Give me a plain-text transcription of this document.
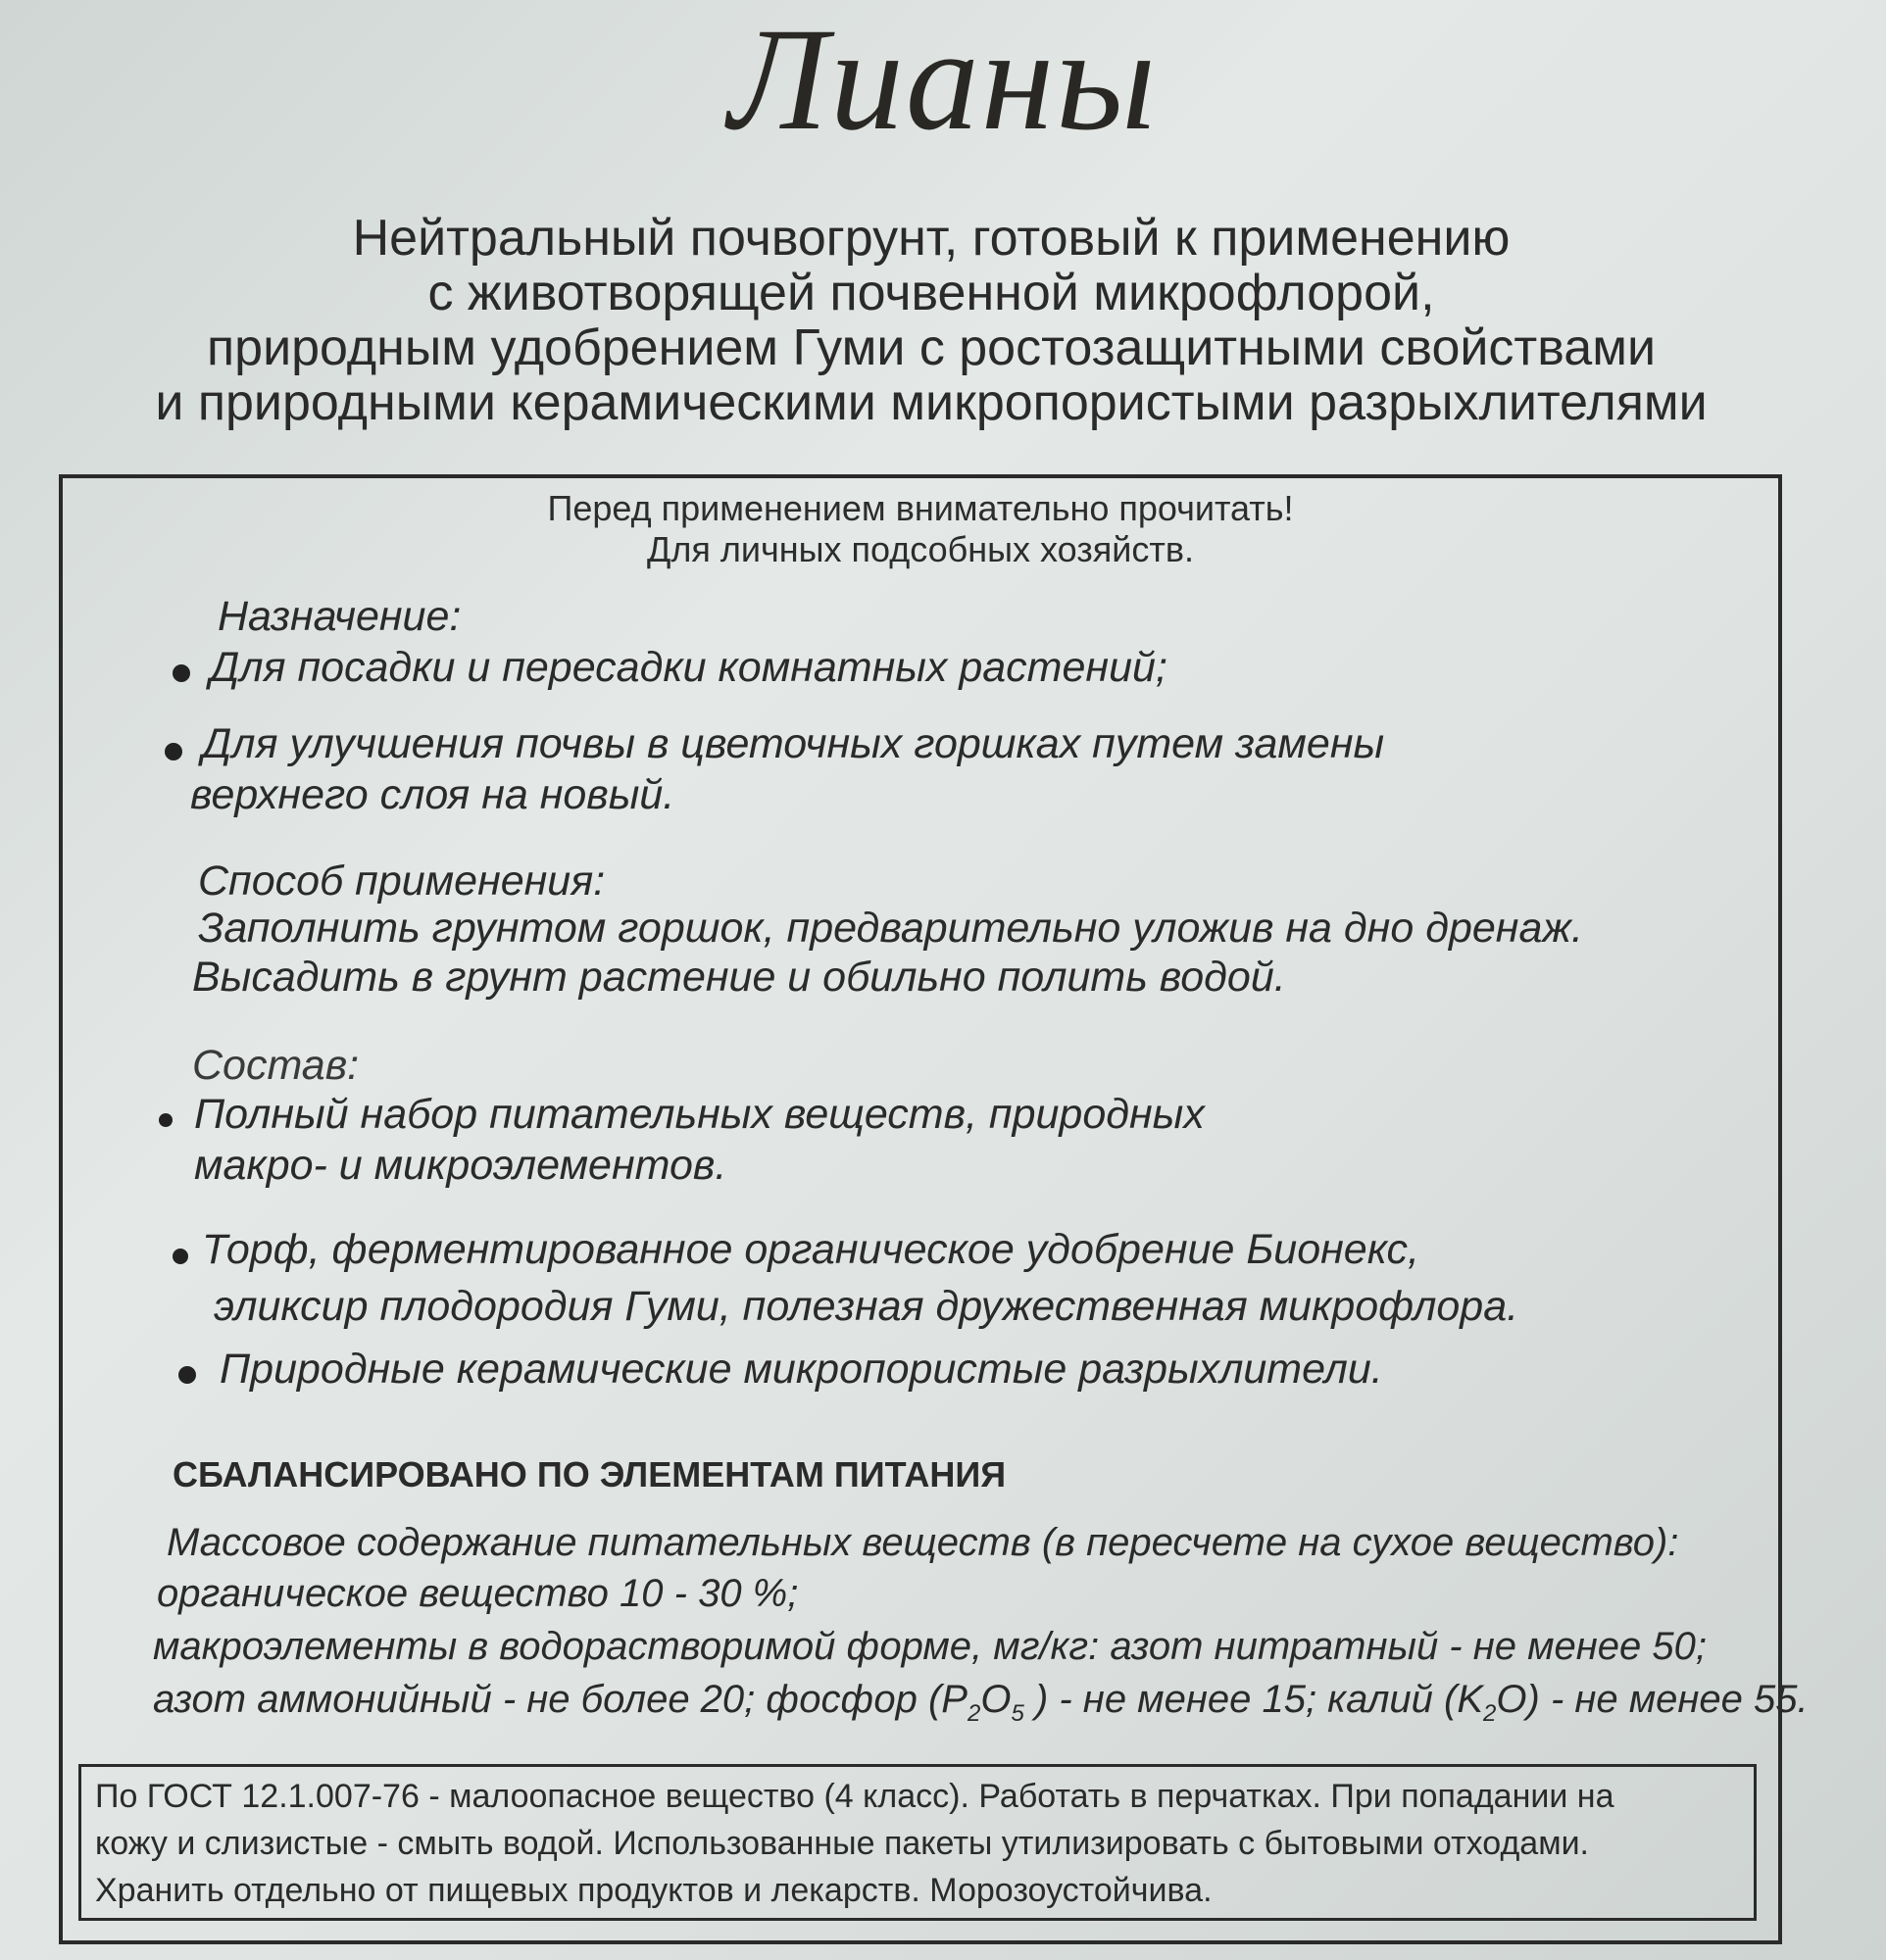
Лианы
Нейтральный почвогрунт, готовый к применению
с животворящей почвенной микрофлорой,
природным удобрением Гуми с ростозащитными свойствами
и природными керамическими микропористыми разрыхлителями
Перед применением внимательно прочитать!
Для личных подсобных хозяйств.
Назначение:
Для посадки и пересадки комнатных растений;
Для улучшения почвы в цветочных горшках путем замены
верхнего слоя на новый.
Способ применения:
Заполнить грунтом горшок, предварительно уложив на дно дренаж.
Высадить в грунт растение и обильно полить водой.
Состав:
Полный набор питательных веществ, природных
макро- и микроэлементов.
Торф, ферментированное органическое удобрение Бионекс,
эликсир плодородия Гуми, полезная дружественная микрофлора.
Природные керамические микропористые разрыхлители.
СБАЛАНСИРОВАНО ПО ЭЛЕМЕНТАМ ПИТАНИЯ
Массовое содержание питательных веществ (в пересчете на сухое вещество):
органическое вещество 10 - 30 %;
макроэлементы в водорастворимой форме, мг/кг: азот нитратный - не менее 50;
азот аммонийный - не более 20; фосфор ($P_2O_5$ ) - не менее 15; калий $(K_2O)$ - не менее 55.
По ГОСТ 12.1.007-76 - малоопасное вещество (4 класс). Работать в перчатках. При попадании на
кожу и слизистые - смыть водой. Использованные пакеты утилизировать с бытовыми отходами.
Хранить отдельно от пищевых продуктов и лекарств. Морозоустойчива.
